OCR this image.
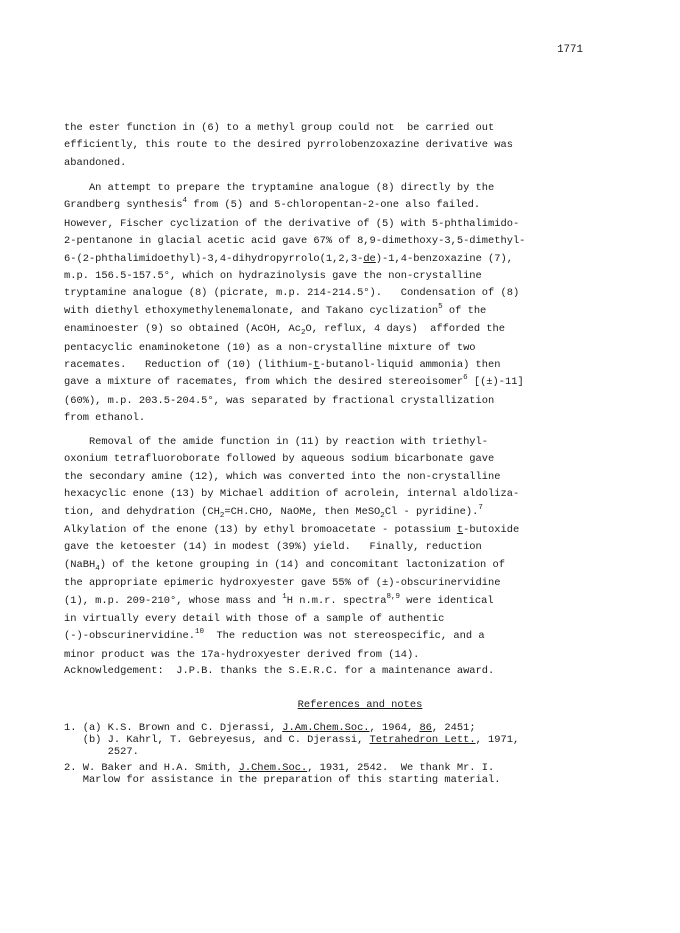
1771
the ester function in (6) to a methyl group could not  be carried out
efficiently, this route to the desired pyrrolobenzoxazine derivative was
abandoned.
An attempt to prepare the tryptamine analogue (8) directly by the
Grandberg synthesis$^4$ from (5) and 5-chloropentan-2-one also failed.
However, Fischer cyclization of the derivative of (5) with 5-phthalimido-
2-pentanone in glacial acetic acid gave 67% of 8,9-dimethoxy-3,5-dimethyl-
6-(2-phthalimidoethyl)-3,4-dihydropyrrolo(1,2,3-de)-1,4-benzoxazine (7),
m.p. 156.5-157.5°, which on hydrazinolysis gave the non-crystalline
tryptamine analogue (8) (picrate, m.p. 214-214.5°).   Condensation of (8)
with diethyl ethoxymethylenemalonate, and Takano cyclization$^5$ of the
enaminoester (9) so obtained (AcOH, $Ac_2O$, reflux, 4 days)  afforded the
pentacyclic enaminoketone (10) as a non-crystalline mixture of two
racemates.   Reduction of (10) (lithium-t-butanol-liquid ammonia) then
gave a mixture of racemates, from which the desired stereoisomer$^6$ [(±)-11]
(60%), m.p. 203.5-204.5°, was separated by fractional crystallization
from ethanol.
Removal of the amide function in (11) by reaction with triethyl-
oxonium tetrafluoroborate followed by aqueous sodium bicarbonate gave
the secondary amine (12), which was converted into the non-crystalline
hexacyclic enone (13) by Michael addition of acrolein, internal aldoliza-
tion, and dehydration ($CH_2=CH.CHO$, NaOMe, then MeSO$_2$Cl - pyridine).$^7$
Alkylation of the enone (13) by ethyl bromoacetate - potassium t-butoxide
gave the ketoester (14) in modest (39%) yield.   Finally, reduction
(NaBH$_4$) of the ketone grouping in (14) and concomitant lactonization of
the appropriate epimeric hydroxyester gave 55% of (±)-obscurinervidine
(1), m.p. 209-210°, whose mass and $^1$H n.m.r. spectra$^{8,9}$ were identical
in virtually every detail with those of a sample of authentic
(-)-obscurinervidine.$^{10}$  The reduction was not stereospecific, and a
minor product was the 17a-hydroxyester derived from (14).
Acknowledgement:  J.P.B. thanks the S.E.R.C. for a maintenance award.
References and notes
1. (a) K.S. Brown and C. Djerassi, J.Am.Chem.Soc., 1964, 86, 2451;
(b) J. Kahrl, T. Gebreyesus, and C. Djerassi, Tetrahedron Lett., 1971,
2527.
2. W. Baker and H.A. Smith, J.Chem.Soc., 1931, 2542.  We thank Mr. I.
Marlow for assistance in the preparation of this starting material.
